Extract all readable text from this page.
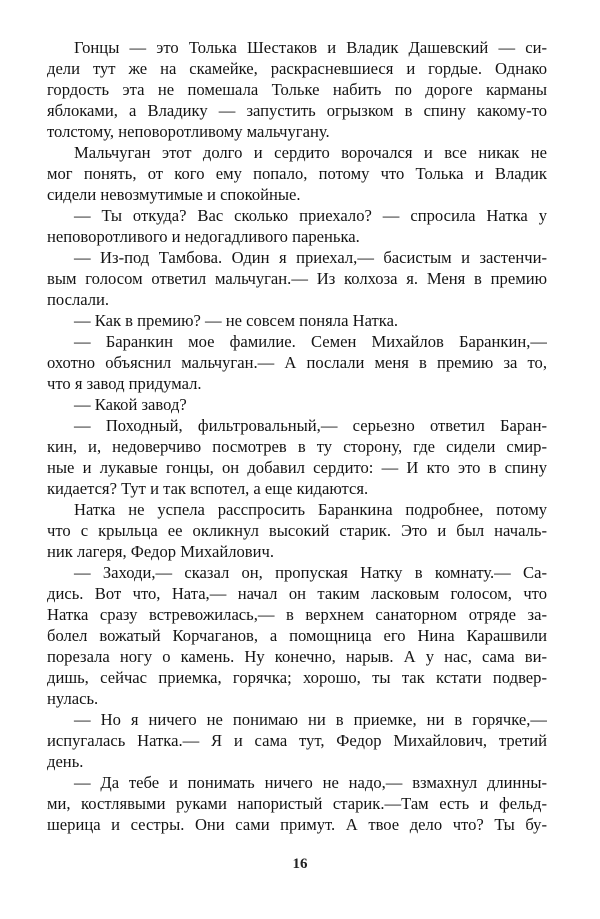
Гонцы — это Толька Шестаков и Владик Дашевский — си-
дели тут же на скамейке, раскрасневшиеся и гордые. Однако
гордость эта не помешала Тольке набить по дороге карманы
яблоками, а Владику — запустить огрызком в спину какому-то
толстому, неповоротливому мальчугану.
Мальчуган этот долго и сердито ворочался и все никак не
мог понять, от кого ему попало, потому что Толька и Владик
сидели невозмутимые и спокойные.
— Ты откуда? Вас сколько приехало? — спросила Натка у
неповоротливого и недогадливого паренька.
— Из-под Тамбова. Один я приехал,— басистым и застенчи-
вым голосом ответил мальчуган.— Из колхоза я. Меня в премию
послали.
— Как в премию? — не совсем поняла Натка.
— Баранкин мое фамилие. Семен Михайлов Баранкин,—
охотно объяснил мальчуган.— А послали меня в премию за то,
что я завод придумал.
— Какой завод?
— Походный, фильтровальный,— серьезно ответил Баран-
кин, и, недоверчиво посмотрев в ту сторону, где сидели смир-
ные и лукавые гонцы, он добавил сердито: — И кто это в спину
кидается? Тут и так вспотел, а еще кидаются.
Натка не успела расспросить Баранкина подробнее, потому
что с крыльца ее окликнул высокий старик. Это и был началь-
ник лагеря, Федор Михайлович.
— Заходи,— сказал он, пропуская Натку в комнату.— Са-
дись. Вот что, Ната,— начал он таким ласковым голосом, что
Натка сразу встревожилась,— в верхнем санаторном отряде за-
болел вожатый Корчаганов, а помощница его Нина Карашвили
порезала ногу о камень. Ну конечно, нарыв. А у нас, сама ви-
дишь, сейчас приемка, горячка; хорошо, ты так кстати подвер-
нулась.
— Но я ничего не понимаю ни в приемке, ни в горячке,—
испугалась Натка.— Я и сама тут, Федор Михайлович, третий
день.
— Да тебе и понимать ничего не надо,— взмахнул длинны-
ми, костлявыми руками напористый старик.—Там есть и фельд-
шерица и сестры. Они сами примут. А твое дело что? Ты бу-
16
